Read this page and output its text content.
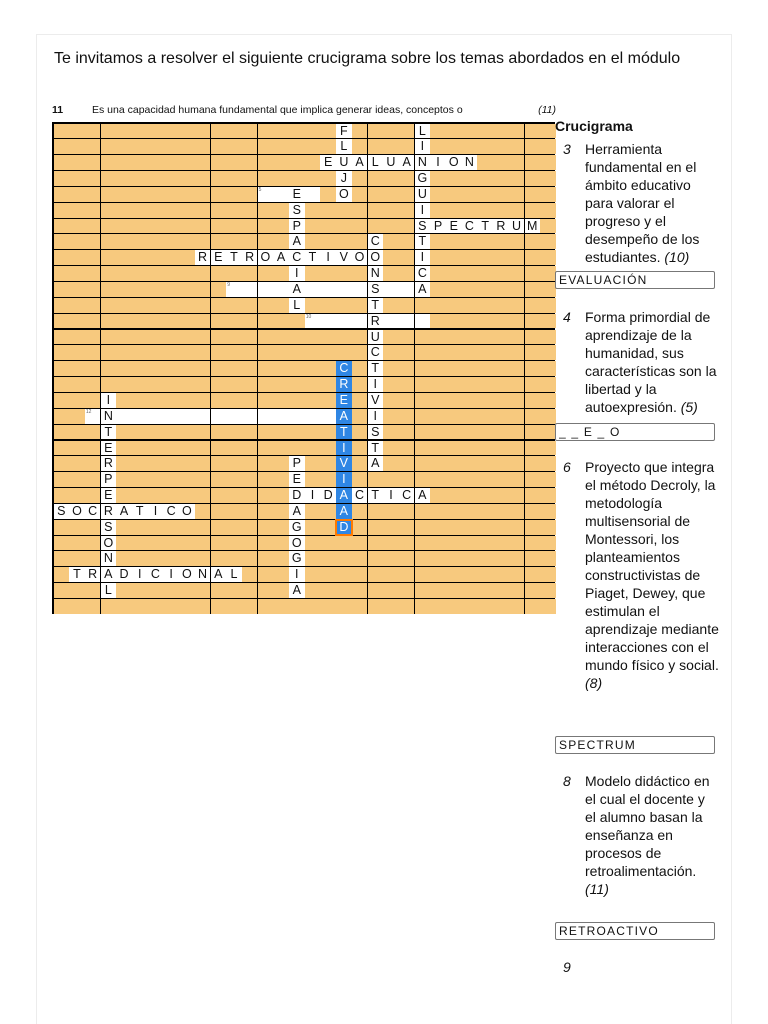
Te invitamos a resolver el siguiente crucigrama sobre los temas abordados en el módulo
11	Es una capacidad humana fundamental que implica generar ideas, conceptos o	(11)
F	L
L	I
E U A L U A N I O N
J	G
5 E	O	U
S	I
P	S P E C T R U M
A	C	T
R E T R O A C T I V O O	I
I	N	C
9	A	S	A
L	T
10	R
U
C
C	T
R	I
I	E V
12 N	A	I
T	T	S
E	I	T
R	P	V A
P	E	I
E	D I D A C T I C A
S O C R A T I C O	A	A
S	G	D
O	O
N	G
T R A D I C I O N A L	I
L	A
Crucigrama
3 Herramienta fundamental en el ámbito educativo para valorar el progreso y el desempeño de los estudiantes. (10)
EVALUACIÓN
4 Forma primordial de aprendizaje de la humanidad, sus características son la libertad y la autoexpresión. (5)
_ _ E _ O
6 Proyecto que integra el método Decroly, la metodología multisensorial de Montessori, los planteamientos constructivistas de Piaget, Dewey, que estimulan el aprendizaje mediante interacciones con el mundo físico y social. (8)
SPECTRUM
8 Modelo didáctico en el cual el docente y el alumno basan la enseñanza en procesos de retroalimentación. (11)
RETROACTIVO
9
